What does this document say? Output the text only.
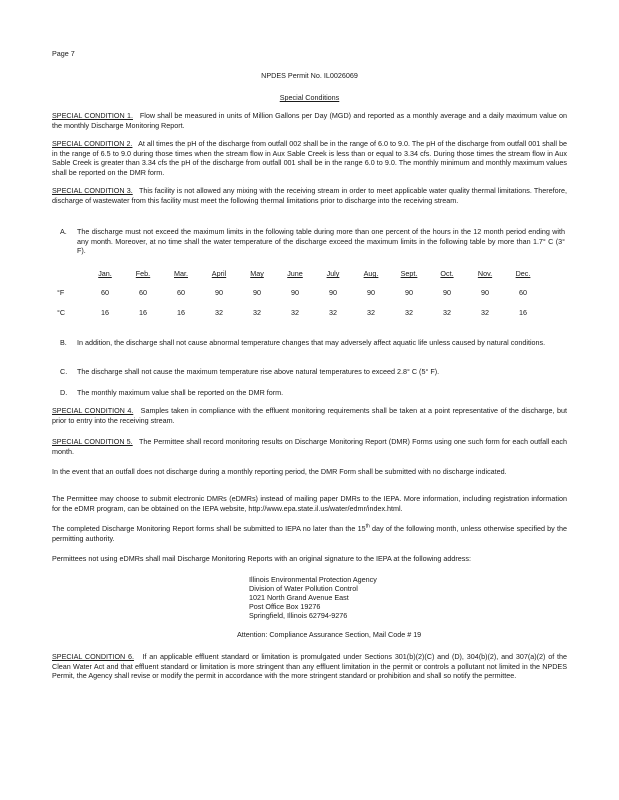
Page 7
NPDES Permit No. IL0026069
Special Conditions
SPECIAL CONDITION 1. Flow shall be measured in units of Million Gallons per Day (MGD) and reported as a monthly average and a daily maximum value on the monthly Discharge Monitoring Report.
SPECIAL CONDITION 2. At all times the pH of the discharge from outfall 002 shall be in the range of 6.0 to 9.0. The pH of the discharge from outfall 001 shall be in the range of 6.5 to 9.0 during those times when the stream flow in Aux Sable Creek is less than or equal to 3.34 cfs. During those times the stream flow in Aux Sable Creek is greater than 3.34 cfs the pH of the discharge from outfall 001 shall be in the range 6.0 to 9.0. The monthly minimum and monthly maximum values shall be reported on the DMR form.
SPECIAL CONDITION 3. This facility is not allowed any mixing with the receiving stream in order to meet applicable water quality thermal limitations. Therefore, discharge of wastewater from this facility must meet the following thermal limitations prior to discharge into the receiving stream.
A. The discharge must not exceed the maximum limits in the following table during more than one percent of the hours in the 12 month period ending with any month. Moreover, at no time shall the water temperature of the discharge exceed the maximum limits in the following table by more than 1.7° C (3° F).
Jan.	Feb.	Mar.	April	May	June	July	Aug.	Sept.	Oct.	Nov.	Dec.
°F	60	60	60	90	90	90	90	90	90	90	90	60
°C	16	16	16	32	32	32	32	32	32	32	32	16
B. In addition, the discharge shall not cause abnormal temperature changes that may adversely affect aquatic life unless caused by natural conditions.
C. The discharge shall not cause the maximum temperature rise above natural temperatures to exceed 2.8° C (5° F).
D. The monthly maximum value shall be reported on the DMR form.
SPECIAL CONDITION 4. Samples taken in compliance with the effluent monitoring requirements shall be taken at a point representative of the discharge, but prior to entry into the receiving stream.
SPECIAL CONDITION 5. The Permittee shall record monitoring results on Discharge Monitoring Report (DMR) Forms using one such form for each outfall each month.
In the event that an outfall does not discharge during a monthly reporting period, the DMR Form shall be submitted with no discharge indicated.
The Permittee may choose to submit electronic DMRs (eDMRs) instead of mailing paper DMRs to the IEPA. More information, including registration information for the eDMR program, can be obtained on the IEPA website, http://www.epa.state.il.us/water/edmr/index.html.
The completed Discharge Monitoring Report forms shall be submitted to IEPA no later than the 15th day of the following month, unless otherwise specified by the permitting authority.
Permittees not using eDMRs shall mail Discharge Monitoring Reports with an original signature to the IEPA at the following address:
Illinois Environmental Protection Agency
Division of Water Pollution Control
1021 North Grand Avenue East
Post Office Box 19276
Springfield, Illinois 62794-9276
Attention: Compliance Assurance Section, Mail Code # 19
SPECIAL CONDITION 6. If an applicable effluent standard or limitation is promulgated under Sections 301(b)(2)(C) and (D), 304(b)(2), and 307(a)(2) of the Clean Water Act and that effluent standard or limitation is more stringent than any effluent limitation in the permit or controls a pollutant not limited in the NPDES Permit, the Agency shall revise or modify the permit in accordance with the more stringent standard or prohibition and shall so notify the permittee.
